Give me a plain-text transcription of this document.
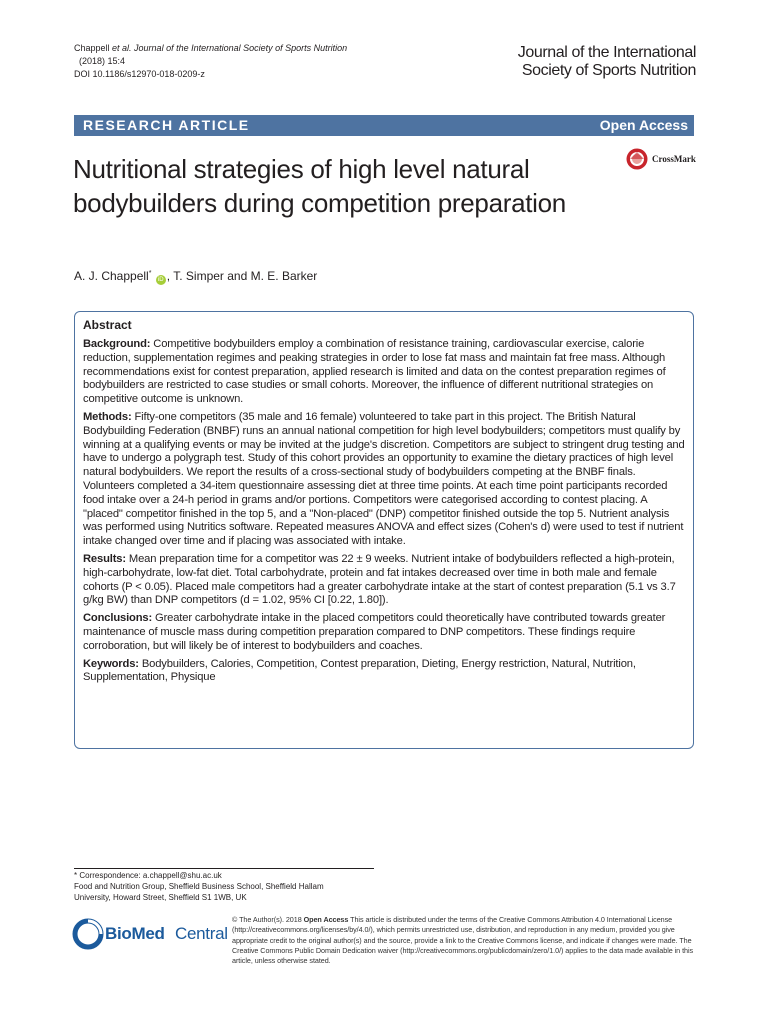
Chappell et al. Journal of the International Society of Sports Nutrition
(2018) 15:4
DOI 10.1186/s12970-018-0209-z
Journal of the International
Society of Sports Nutrition
RESEARCH ARTICLE	Open Access
Nutritional strategies of high level natural bodybuilders during competition preparation
CrossMark
A. J. Chappell* iD , T. Simper and M. E. Barker
Abstract

Background: Competitive bodybuilders employ a combination of resistance training, cardiovascular exercise, calorie reduction, supplementation regimes and peaking strategies in order to lose fat mass and maintain fat free mass. Although recommendations exist for contest preparation, applied research is limited and data on the contest preparation regimes of bodybuilders are restricted to case studies or small cohorts. Moreover, the influence of different nutritional strategies on competitive outcome is unknown.

Methods: Fifty-one competitors (35 male and 16 female) volunteered to take part in this project. The British Natural Bodybuilding Federation (BNBF) runs an annual national competition for high level bodybuilders; competitors must qualify by winning at a qualifying events or may be invited at the judge's discretion. Competitors are subject to stringent drug testing and have to undergo a polygraph test. Study of this cohort provides an opportunity to examine the dietary practices of high level natural bodybuilders. We report the results of a cross-sectional study of bodybuilders competing at the BNBF finals. Volunteers completed a 34-item questionnaire assessing diet at three time points. At each time point participants recorded food intake over a 24-h period in grams and/or portions. Competitors were categorised according to contest placing. A "placed" competitor finished in the top 5, and a "Non-placed" (DNP) competitor finished outside the top 5. Nutrient analysis was performed using Nutritics software. Repeated measures ANOVA and effect sizes (Cohen's d) were used to test if nutrient intake changed over time and if placing was associated with intake.

Results: Mean preparation time for a competitor was 22 ± 9 weeks. Nutrient intake of bodybuilders reflected a high-protein, high-carbohydrate, low-fat diet. Total carbohydrate, protein and fat intakes decreased over time in both male and female cohorts (P < 0.05). Placed male competitors had a greater carbohydrate intake at the start of contest preparation (5.1 vs 3.7 g/kg BW) than DNP competitors (d = 1.02, 95% CI [0.22, 1.80]).

Conclusions: Greater carbohydrate intake in the placed competitors could theoretically have contributed towards greater maintenance of muscle mass during competition preparation compared to DNP competitors. These findings require corroboration, but will likely be of interest to bodybuilders and coaches.

Keywords: Bodybuilders, Calories, Competition, Contest preparation, Dieting, Energy restriction, Natural, Nutrition, Supplementation, Physique

* Correspondence: a.chappell@shu.ac.uk
Food and Nutrition Group, Sheffield Business School, Sheffield Hallam
University, Howard Street, Sheffield S1 1WB, UK
BioMed Central
© The Author(s). 2018 Open Access This article is distributed under the terms of the Creative Commons Attribution 4.0 International License (http://creativecommons.org/licenses/by/4.0/), which permits unrestricted use, distribution, and reproduction in any medium, provided you give appropriate credit to the original author(s) and the source, provide a link to the Creative Commons license, and indicate if changes were made. The Creative Commons Public Domain Dedication waiver (http://creativecommons.org/publicdomain/zero/1.0/) applies to the data made available in this article, unless otherwise stated.
